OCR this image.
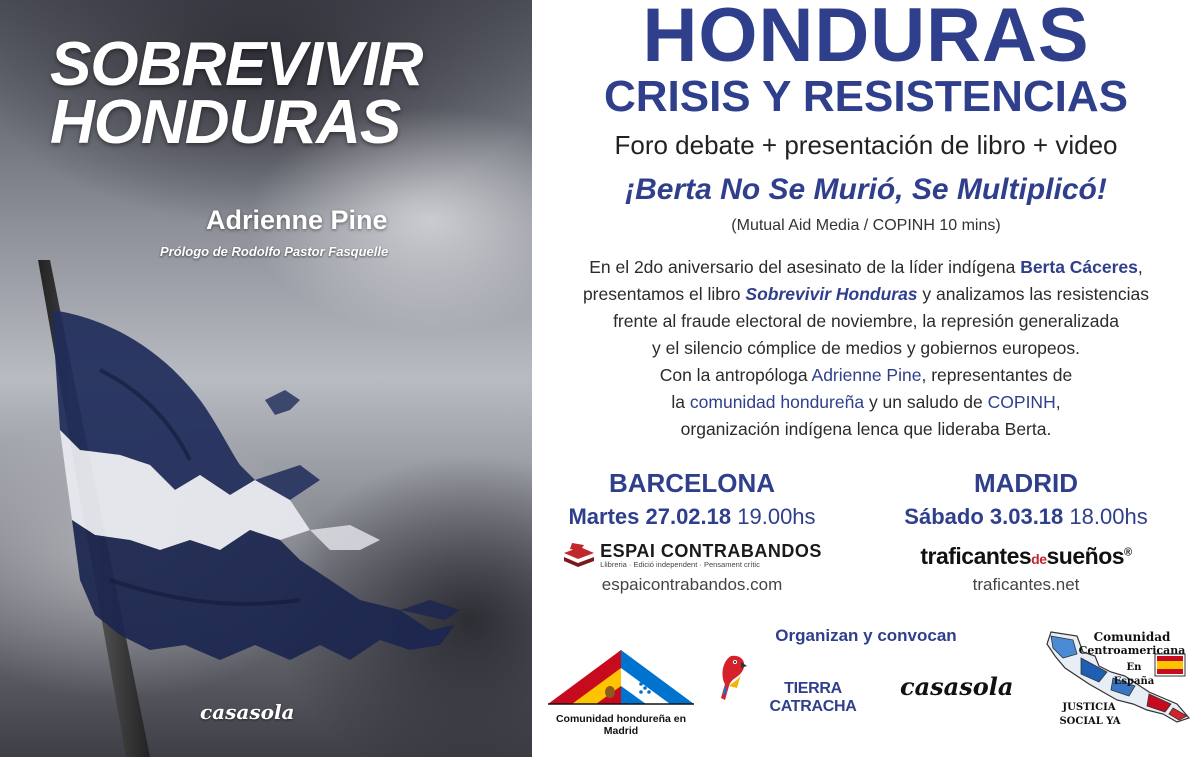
SOBREVIVIR
HONDURAS
Adrienne Pine
Prólogo de Rodolfo Pastor Fasquelle
casasola
HONDURAS
CRISIS Y RESISTENCIAS
Foro debate + presentación de libro + video
¡Berta No Se Murió, Se Multiplicó!
(Mutual Aid Media / COPINH 10 mins)
En el 2do aniversario del asesinato de la líder indígena Berta Cáceres,
presentamos el libro Sobrevivir Honduras y analizamos las resistencias
frente al fraude electoral de noviembre, la represión generalizada
y el silencio cómplice de medios y gobiernos europeos.
Con la antropóloga Adrienne Pine, representantes de
la comunidad hondureña y un saludo de COPINH,
organización indígena lenca que lideraba Berta.
BARCELONA
Martes 27.02.18 19.00hs
ESPAI CONTRABANDOS
Llibreria · Edició independent · Pensament crític
espaicontrabandos.com
MADRID
Sábado 3.03.18 18.00hs
traficantesdesueños®
traficantes.net
Organizan y convocan
Comunidad hondureña en Madrid
TIERRA CATRACHA
casasola
Comunidad
Centroamericana
En
España
JUSTICIA
SOCIAL YA
